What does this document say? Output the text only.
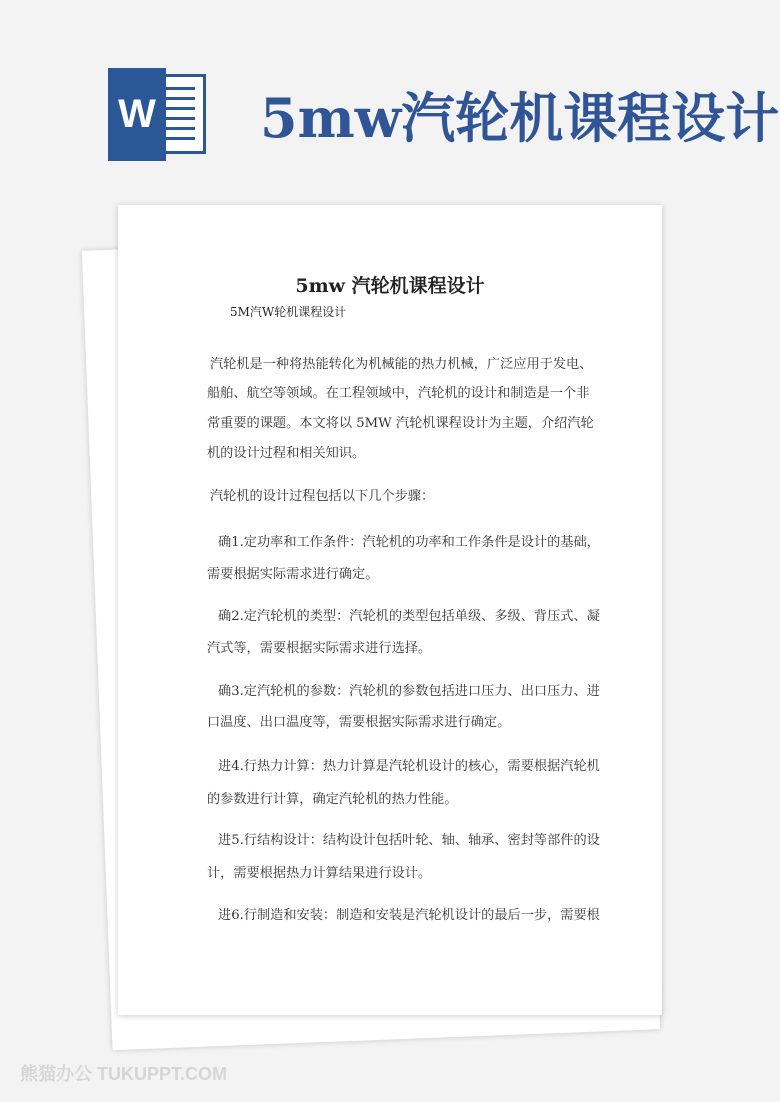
W 5mw汽轮机课程设计
5mw 汽轮机课程设计
5M汽W轮机课程设计
汽轮机是一种将热能转化为机械能的热力机械，广泛应用于发电、
船舶、航空等领域。在工程领域中，汽轮机的设计和制造是一个非
常重要的课题。本文将以 5MW 汽轮机课程设计为主题，介绍汽轮
机的设计过程和相关知识。
汽轮机的设计过程包括以下几个步骤：
确1.定功率和工作条件：汽轮机的功率和工作条件是设计的基础，
需要根据实际需求进行确定。
确2.定汽轮机的类型：汽轮机的类型包括单级、多级、背压式、凝
汽式等，需要根据实际需求进行选择。
确3.定汽轮机的参数：汽轮机的参数包括进口压力、出口压力、进
口温度、出口温度等，需要根据实际需求进行确定。
进4.行热力计算：热力计算是汽轮机设计的核心，需要根据汽轮机
的参数进行计算，确定汽轮机的热力性能。
进5.行结构设计：结构设计包括叶轮、轴、轴承、密封等部件的设
计，需要根据热力计算结果进行设计。
进6.行制造和安装：制造和安装是汽轮机设计的最后一步，需要根
熊猫办公 TUKUPPT.COM
